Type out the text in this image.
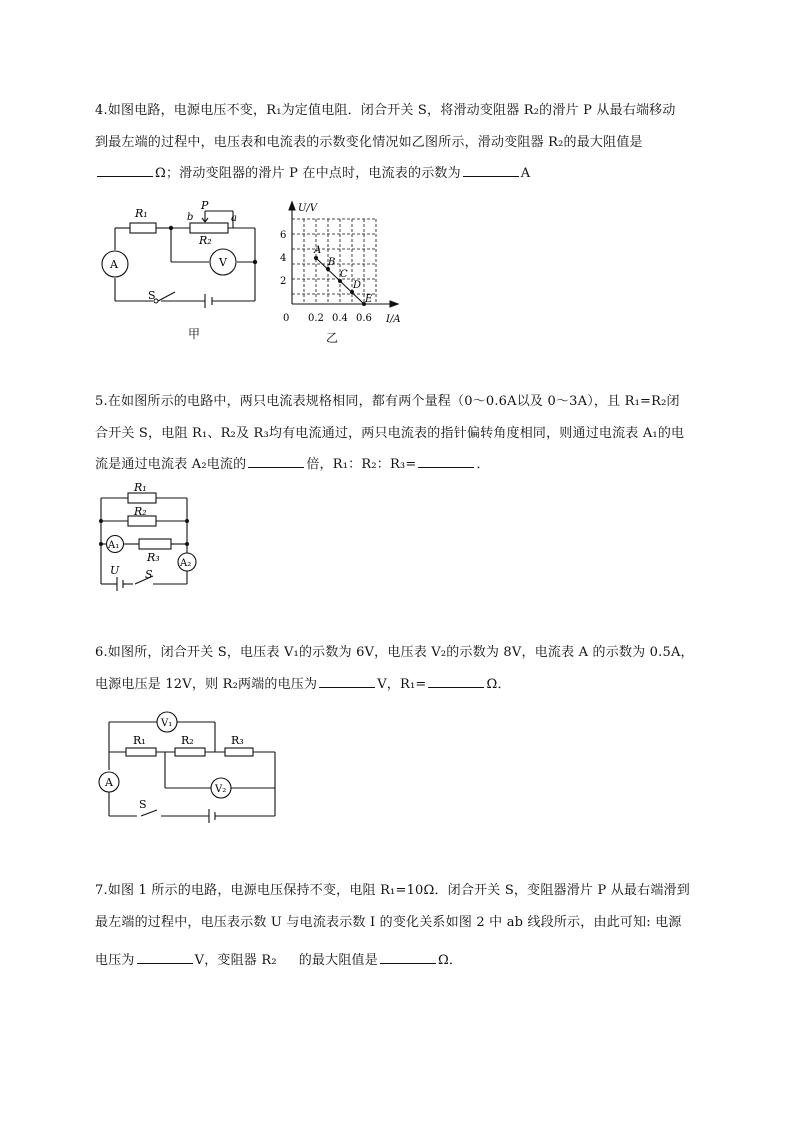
4.如图电路，电源电压不变，R₁为定值电阻．闭合开关 S，将滑动变阻器 R₂的滑片 P 从最右端移动
到最左端的过程中，电压表和电流表的示数变化情况如乙图所示，滑动变阻器 R₂的最大阻值是
Ω；滑动变阻器的滑片 P 在中点时，电流表的示数为	A
R₁
P
b	a
R₂
V
A
S
甲
U/V
I/A
2
4
6
0 0.2 0.4 0.6
A
B
C
D
E
乙
5.在如图所示的电路中，两只电流表规格相同，都有两个量程（0～0.6A以及 0～3A），且 R₁=R₂闭
合开关 S，电阻 R₁、R₂及 R₃均有电流通过，两只电流表的指针偏转角度相同，则通过电流表 A₁的电
流是通过电流表 A₂电流的	倍，R₁：R₂：R₃=	．
R₁
R₂
R₃
A₁
A₂
U S
6.如图所，闭合开关 S，电压表 V₁的示数为 6V，电压表 V₂的示数为 8V，电流表 A 的示数为 0.5A，
电源电压是 12V，则 R₂两端的电压为	V，R₁=	Ω．
V₁
V₂
R₁	R₂	R₃
A
S
7.如图 1 所示的电路，电源电压保持不变，电阻 R₁=10Ω．闭合开关 S，变阻器滑片 P 从最右端滑到
最左端的过程中，电压表示数 U 与电流表示数 I 的变化关系如图 2 中 ab 线段所示，由此可知: 电源
电压为	V，变阻器 R₂ 的最大阻值是	Ω．
